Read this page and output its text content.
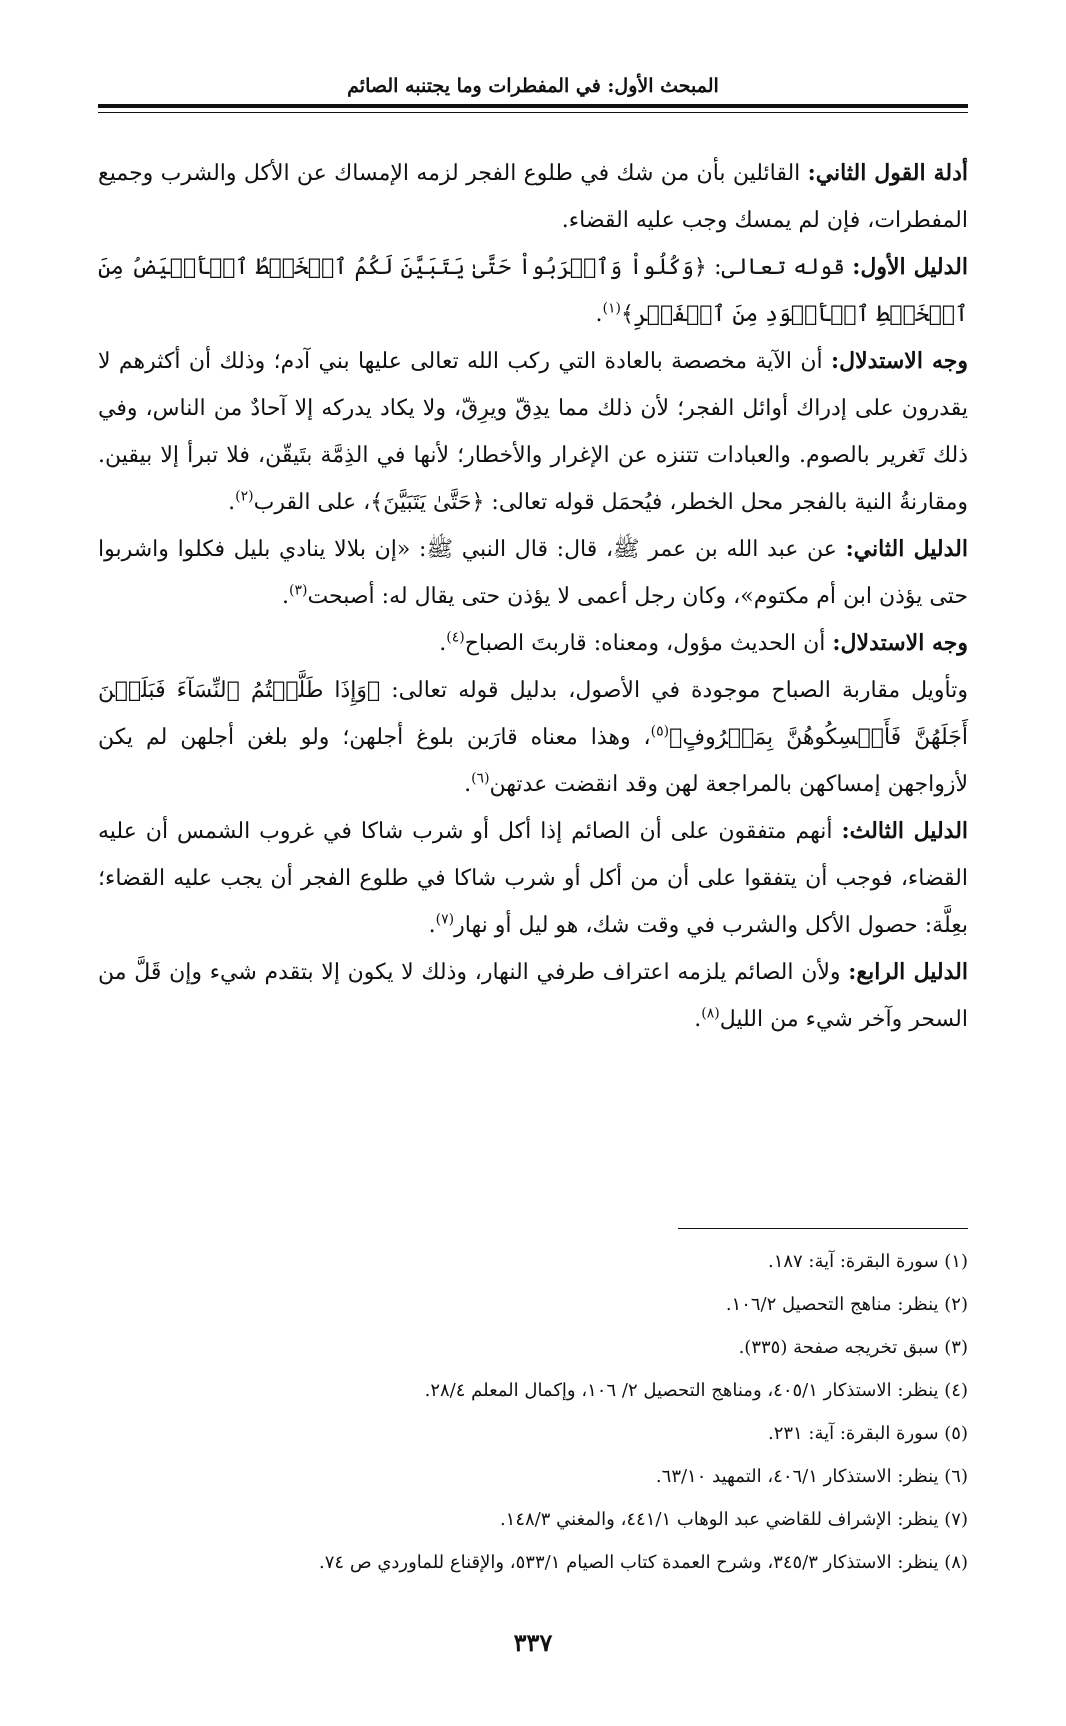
المبحث الأول: في المفطرات وما يجتنبه الصائم

أدلة القول الثاني: القائلين بأن من شك في طلوع الفجر لزمه الإمساك عن الأكل والشرب وجميع المفطرات، فإن لم يمسك وجب عليه القضاء.

الدليل الأول: قوله تعالى: ﴿وَكُلُواْ وَٱشۡرَبُواْ حَتَّىٰ يَتَبَيَّنَ لَكُمُ ٱلۡخَيۡطُ ٱلۡأَبۡيَضُ مِنَ ٱلۡخَيۡطِ ٱلۡأَسۡوَدِ مِنَ ٱلۡفَجۡرِ﴾$^{(١)}$.

وجه الاستدلال: أن الآية مخصصة بالعادة التي ركب الله تعالى عليها بني آدم؛ وذلك أن أكثرهم لا يقدرون على إدراك أوائل الفجر؛ لأن ذلك مما يدِقّ ويرِقّ، ولا يكاد يدركه إلا آحادٌ من الناس، وفي ذلك تَغرير بالصوم. والعبادات تتنزه عن الإغرار والأخطار؛ لأنها في الذِمَّة بتَيقّن، فلا تبرأ إلا بيقين. ومقارنةُ النية بالفجر محل الخطر، فيُحمَل قوله تعالى: ﴿حَتَّىٰ يَتَبَيَّنَ﴾، على القرب$^{(٢)}$.

الدليل الثاني: عن عبد الله بن عمر ﷺ، قال: قال النبي ﷺ: «إن بلالا ينادي بليل فكلوا واشربوا حتى يؤذن ابن أم مكتوم»، وكان رجل أعمى لا يؤذن حتى يقال له: أصبحت$^{(٣)}$.

وجه الاستدلال: أن الحديث مؤول، ومعناه: قاربتَ الصباح$^{(٤)}$.

وتأويل مقاربة الصباح موجودة في الأصول، بدليل قوله تعالى: ﴿وَإِذَا طَلَّقۡتُمُ ٱلنِّسَآءَ فَبَلَغۡنَ أَجَلَهُنَّ فَأَمۡسِكُوهُنَّ بِمَعۡرُوفٍ﴾$^{(٥)}$، وهذا معناه قارَبن بلوغ أجلهن؛ ولو بلغن أجلهن لم يكن لأزواجهن إمساكهن بالمراجعة لهن وقد انقضت عدتهن$^{(٦)}$.

الدليل الثالث: أنهم متفقون على أن الصائم إذا أكل أو شرب شاكا في غروب الشمس أن عليه القضاء، فوجب أن يتفقوا على أن من أكل أو شرب شاكا في طلوع الفجر أن يجب عليه القضاء؛ بعِلَّة: حصول الأكل والشرب في وقت شك، هو ليل أو نهار$^{(٧)}$.

الدليل الرابع: ولأن الصائم يلزمه اعتراف طرفي النهار، وذلك لا يكون إلا بتقدم شيء وإن قَلَّ من السحر وآخر شيء من الليل$^{(٨)}$.

(١) سورة البقرة: آية: ١٨٧.
(٢) ينظر: مناهج التحصيل ١٠٦/٢.
(٣) سبق تخريجه صفحة (٣٣٥).
(٤) ينظر: الاستذكار ٤٠٥/١، ومناهج التحصيل ٢/ ١٠٦، وإكمال المعلم ٢٨/٤.
(٥) سورة البقرة: آية: ٢٣١.
(٦) ينظر: الاستذكار ٤٠٦/١، التمهيد ٦٣/١٠.
(٧) ينظر: الإشراف للقاضي عبد الوهاب ٤٤١/١، والمغني ١٤٨/٣.
(٨) ينظر: الاستذكار ٣٤٥/٣، وشرح العمدة كتاب الصيام ٥٣٣/١، والإقناع للماوردي ص ٧٤.
٣٣٧
